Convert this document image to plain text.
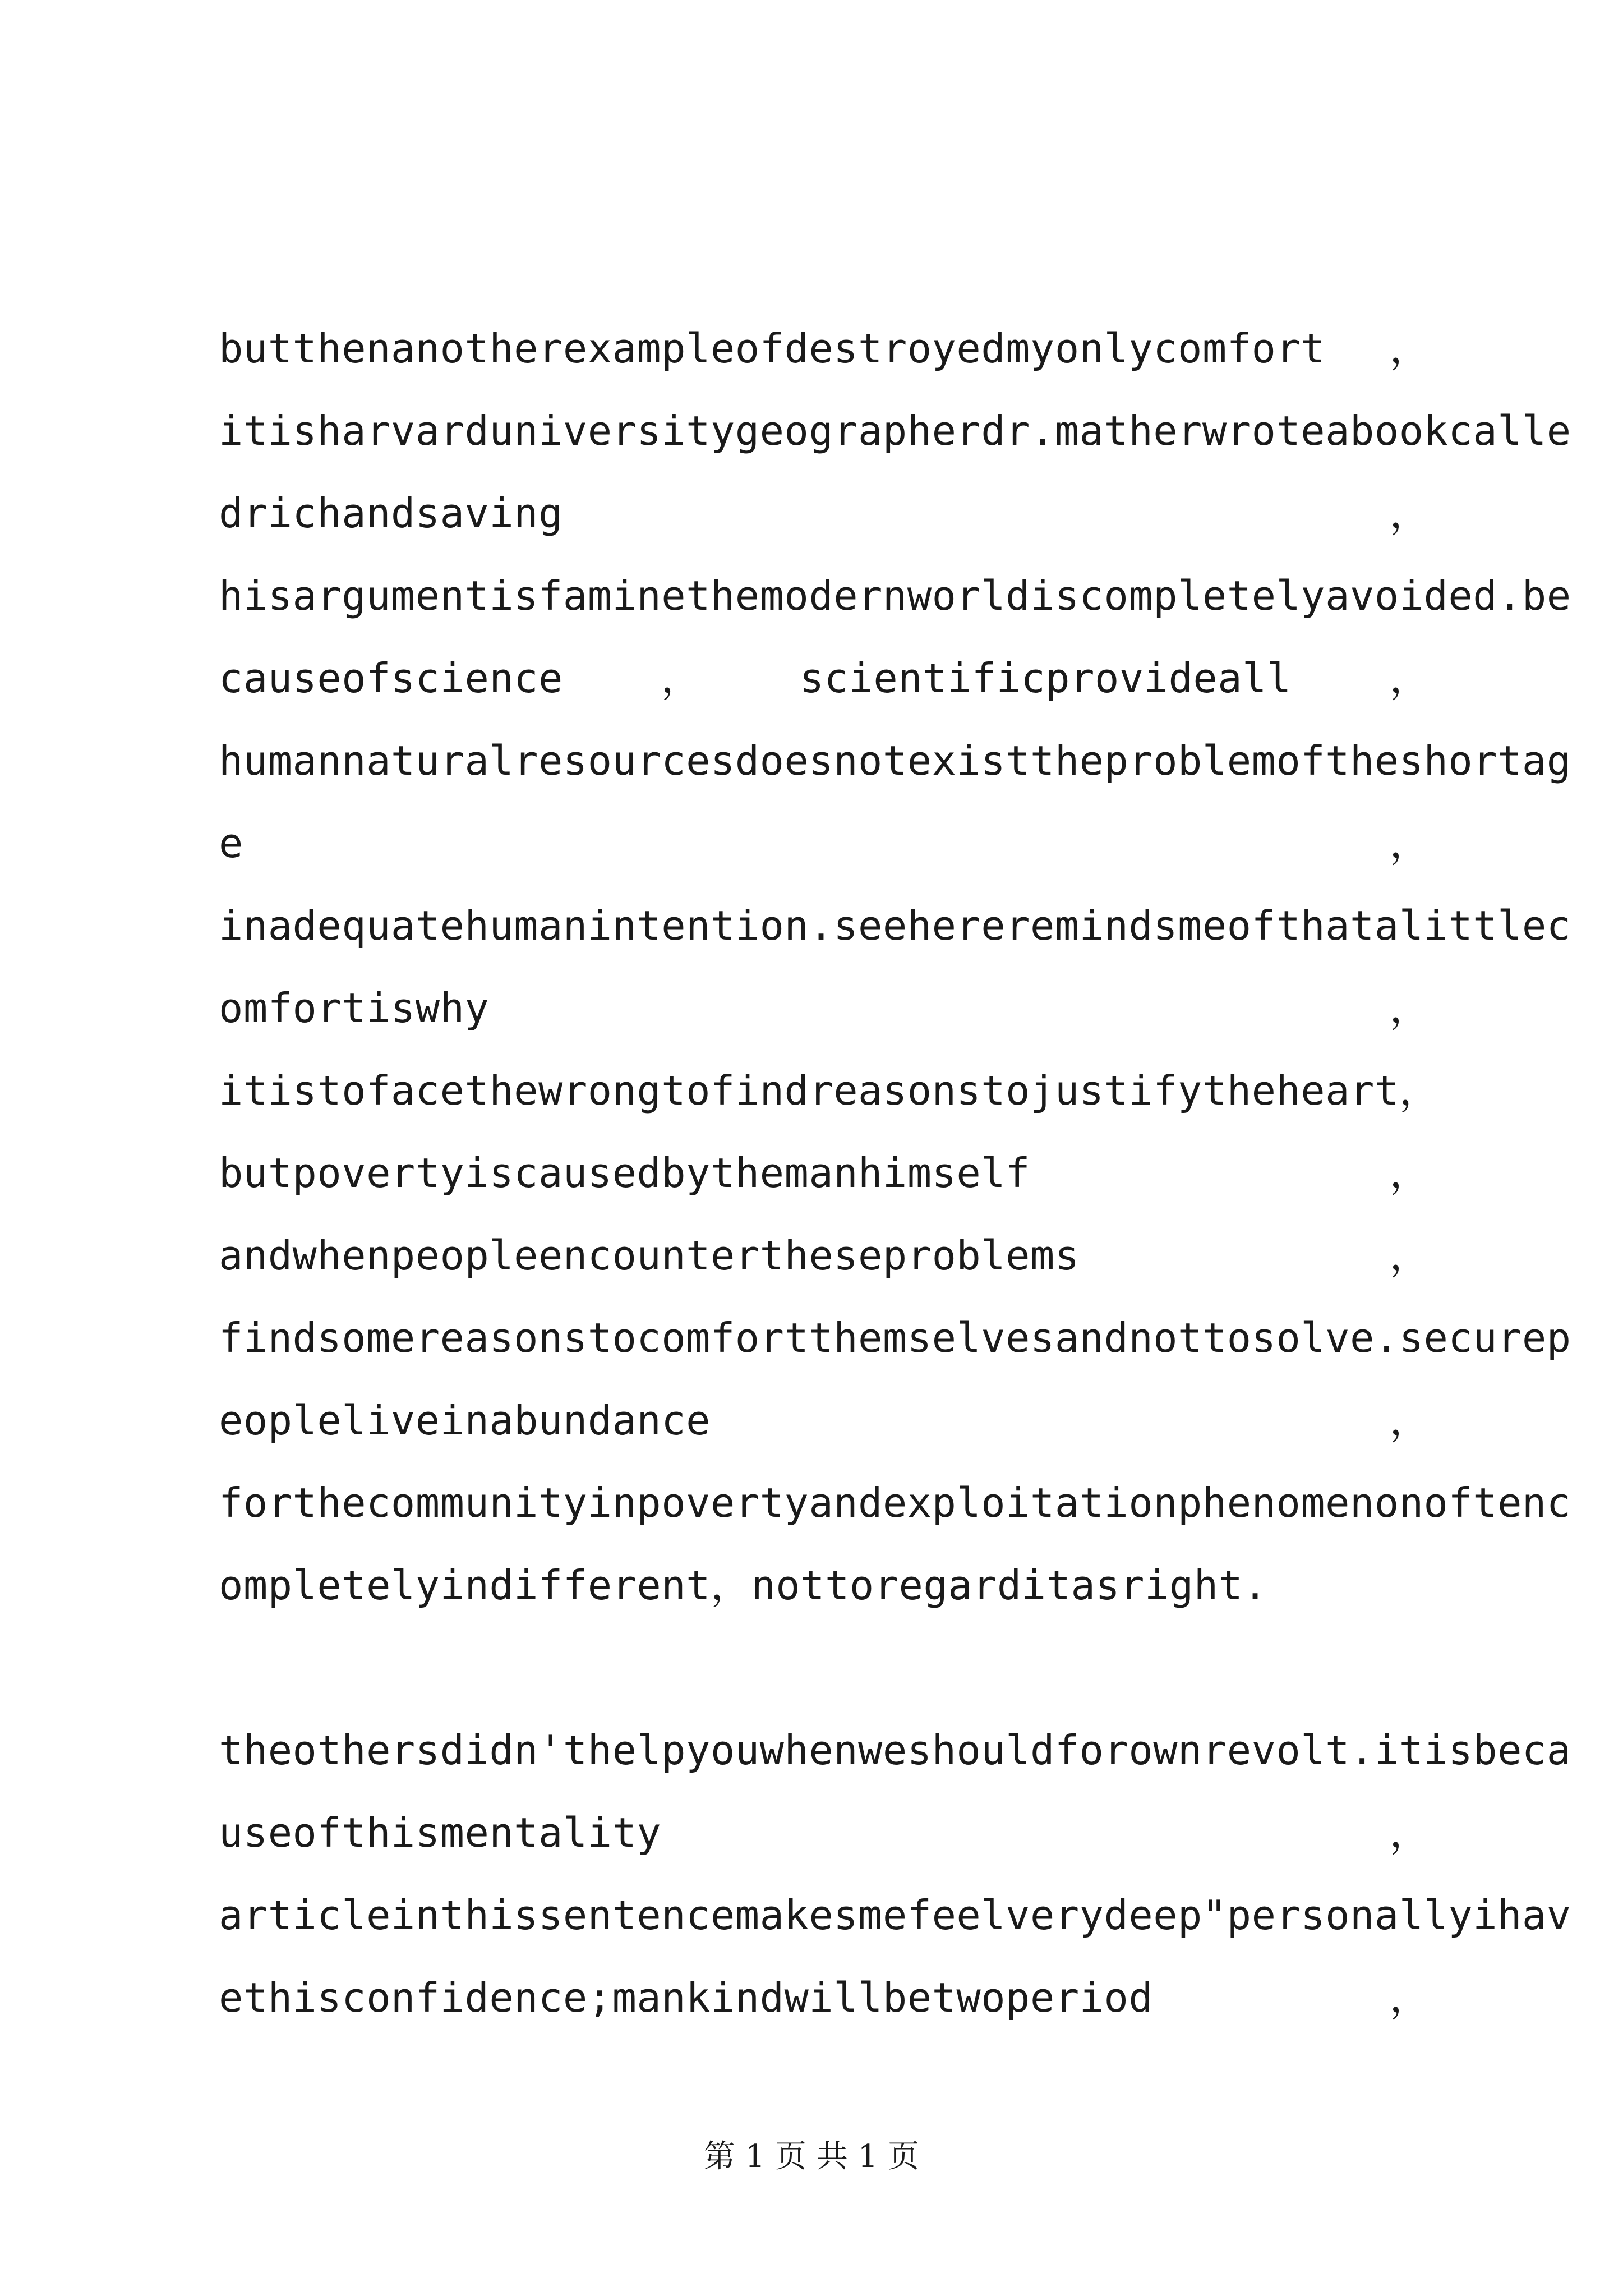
butthenanotherexampleofdestroyedmyonlycomfort ，
itisharvarduniversitygeographerdr.matherwroteabookcalle
drichandsaving	，
hisargumentisfaminethemodernworldiscompletelyavoided.be
causeofscience ， scientificprovideall ，
humannaturalresourcesdoesnotexisttheproblemoftheshortag
e	，
inadequatehumanintention.seehereremindsmeofthatalittlec
omfortiswhy	，
itistofacethewrongtofindreasonstojustifytheheart ，
butpovertyiscausedbythemanhimself	，
andwhenpeopleencountertheseproblems	，
findsomereasonstocomfortthemselvesandnottosolve.securep
eopleliveinabundance	，
forthecommunityinpovertyandexploitationphenomenonoftenc
ompletelyindifferent，nottoregarditasright.
theothersdidn'thelpyouwhenweshouldforownrevolt.itisbeca
useofthismentality	，
articleinthissentencemakesmefeelverydeep"personallyihav
ethisconfidence;mankindwillbetwoperiod	，
第 1 页 共 1 页
